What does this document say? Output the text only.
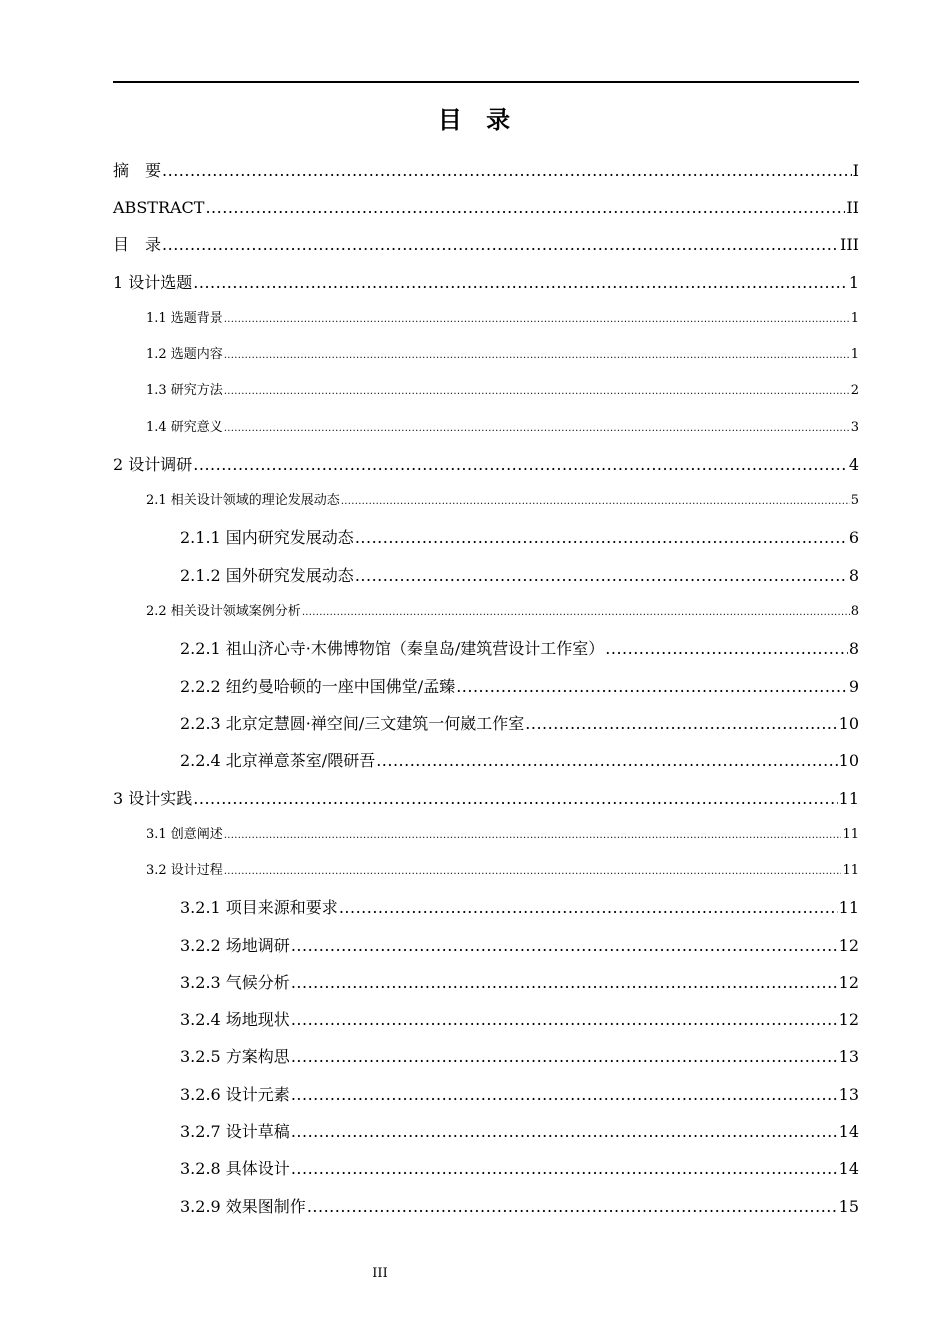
目 录
摘　要 .....	I
ABSTRACT .....	II
目　录 .....	III
1 设计选题 .....	1
1.1 选题背景 .....	1
1.2 选题内容 .....	1
1.3 研究方法 .....	2
1.4 研究意义 .....	3
2 设计调研 .....	4
2.1 相关设计领域的理论发展动态 .....	5
2.1.1 国内研究发展动态 .....	6
2.1.2 国外研究发展动态 .....	8
2.2 相关设计领域案例分析 .....	8
2.2.1 祖山济心寺·木佛博物馆（秦皇岛/建筑营设计工作室） .....	8
2.2.2 纽约曼哈顿的一座中国佛堂/孟臻 .....	9
2.2.3 北京定慧圆·禅空间/三文建筑一何崴工作室 .....	10
2.2.4 北京禅意茶室/隈研吾 .....	10
3 设计实践 .....	11
3.1 创意阐述 .....	11
3.2 设计过程 .....	11
3.2.1 项目来源和要求 .....	11
3.2.2 场地调研 .....	12
3.2.3 气候分析 .....	12
3.2.4 场地现状 .....	12
3.2.5 方案构思 .....	13
3.2.6 设计元素 .....	13
3.2.7 设计草稿 .....	14
3.2.8 具体设计 .....	14
3.2.9 效果图制作 .....	15
III
